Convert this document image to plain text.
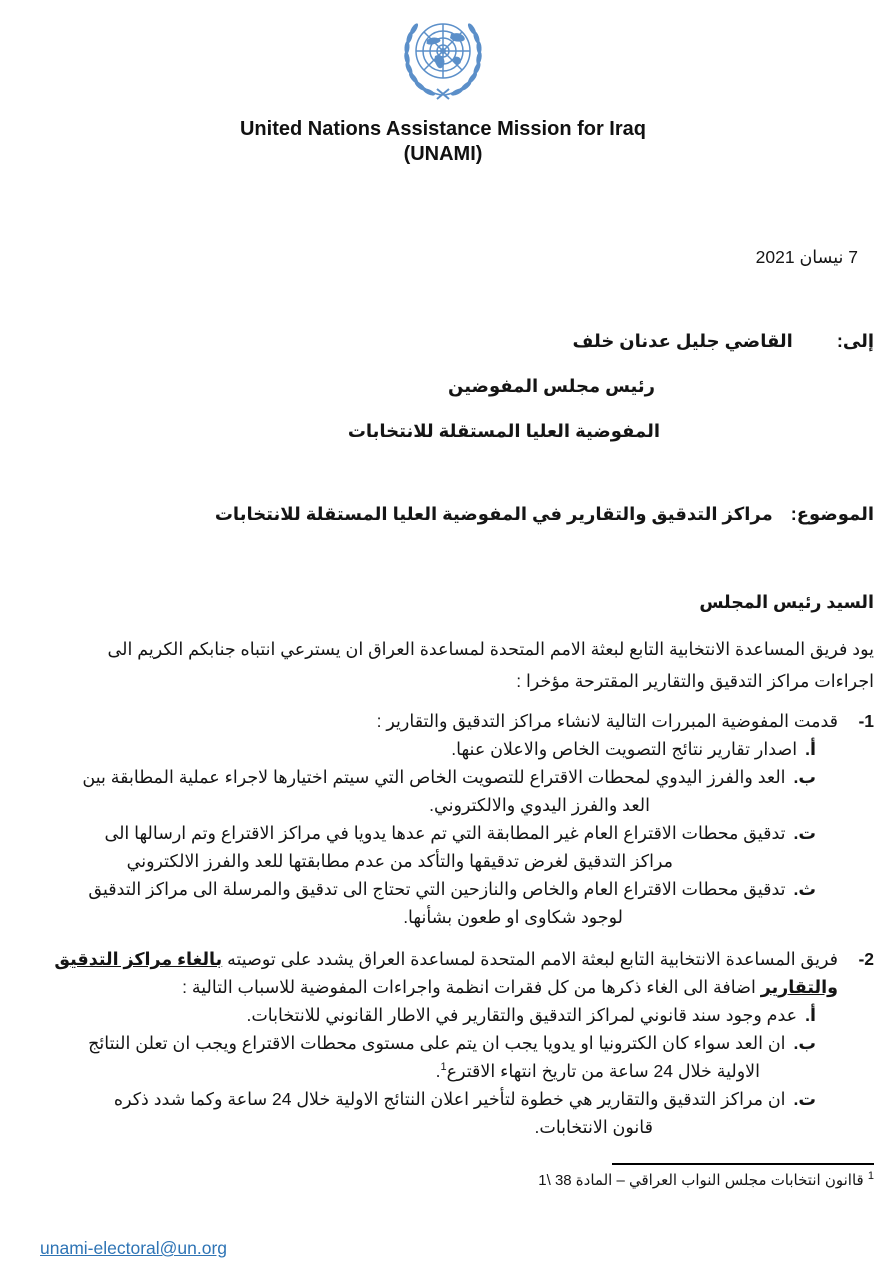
United Nations Assistance Mission for Iraq
(UNAMI)
7 نيسان 2021
إلى:
القاضي جليل عدنان خلف
رئيس مجلس المفوضين
المفوضية العليا المستقلة للانتخابات
الموضوع:
مراكز التدقيق والتقارير في المفوضية العليا المستقلة للانتخابات
السيد رئيس المجلس
يود فريق المساعدة الانتخابية التابع لبعثة الامم المتحدة لمساعدة العراق ان يسترعي انتباه جنابكم الكريم الى
اجراءات مراكز التدقيق والتقارير المقترحة مؤخرا :
1-
قدمت المفوضية المبررات التالية لانشاء مراكز التدقيق والتقارير :
أ.اصدار تقارير نتائج التصويت الخاص والاعلان عنها.
ب.العد والفرز اليدوي لمحطات الاقتراع للتصويت الخاص التي سيتم اختيارها لاجراء عملية المطابقة بين
العد والفرز اليدوي والالكتروني.
ت.تدقيق محطات الاقتراع العام غير المطابقة التي تم عدها يدويا في مراكز الاقتراع وتم ارسالها الى
مراكز التدقيق لغرض تدقيقها والتأكد من عدم مطابقتها للعد والفرز الالكتروني
ث.تدقيق محطات الاقتراع العام والخاص والنازحين التي تحتاج الى تدقيق والمرسلة الى مراكز التدقيق
لوجود شكاوى او طعون بشأنها.
2-
فريق المساعدة الانتخابية التابع لبعثة الامم المتحدة لمساعدة العراق يشدد على توصيته بالغاء مراكز التدقيق
والتقارير اضافة الى الغاء ذكرها من كل فقرات انظمة واجراءات المفوضية للاسباب التالية :
أ.عدم وجود سند قانوني لمراكز التدقيق والتقارير في الاطار القانوني للانتخابات.
ب.ان العد سواء كان الكترونيا او يدويا يجب ان يتم على مستوى محطات الاقتراع ويجب ان تعلن النتائج
الاولية خلال 24 ساعة من تاريخ انتهاء الاقترع$^1$.
ت.ان مراكز التدقيق والتقارير هي خطوة لتأخير اعلان النتائج الاولية خلال 24 ساعة وكما شدد ذكره
قانون الانتخابات.
$^1$ قاانون انتخابات مجلس النواب العراقي – المادة 38 \1
unami-electoral@un.org
